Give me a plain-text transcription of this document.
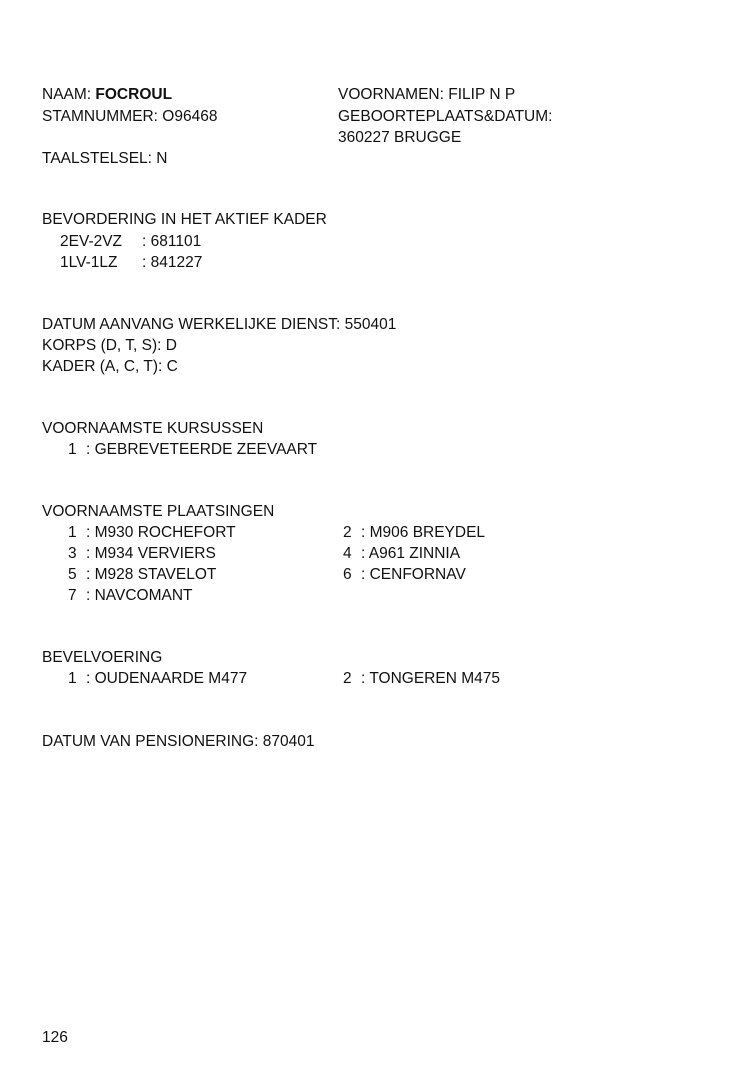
NAAM: FOCROUL	VOORNAMEN: FILIP N P
STAMNUMMER: O96468	GEBOORTEPLAATS&DATUM:
360227 BRUGGE
TAALSTELSEL: N
BEVORDERING IN HET AKTIEF KADER
2EV-2VZ : 681101
1LV-1LZ : 841227
DATUM AANVANG WERKELIJKE DIENST: 550401
KORPS (D, T, S): D
KADER (A, C, T): C
VOORNAAMSTE KURSUSSEN
1 : GEBREVETEERDE ZEEVAART
VOORNAAMSTE PLAATSINGEN
1 : M930 ROCHEFORT	2 : M906 BREYDEL
3 : M934 VERVIERS	4 : A961 ZINNIA
5 : M928 STAVELOT	6 : CENFORNAV
7 : NAVCOMANT
BEVELVOERING
1 : OUDENAARDE M477	2 : TONGEREN M475
DATUM VAN PENSIONERING: 870401
126
